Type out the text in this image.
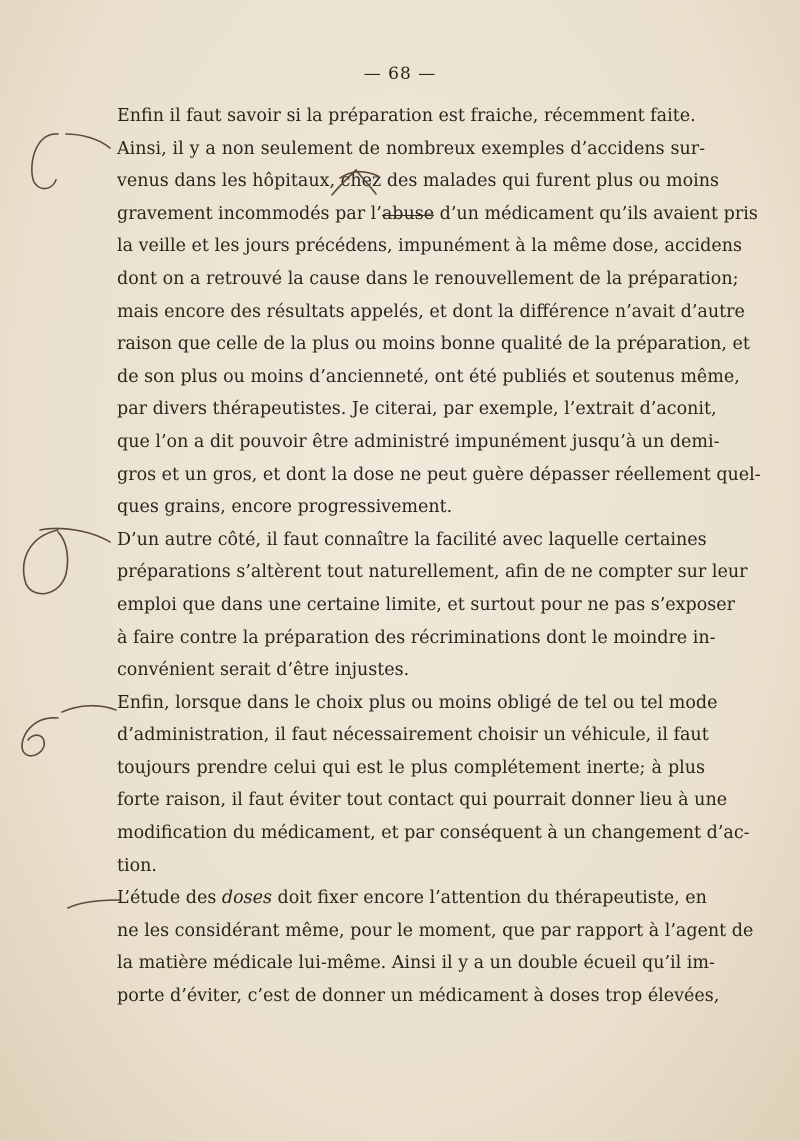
— 68 —
Enfin il faut savoir si la préparation est fraiche, récemment faite.
Ainsi, il y a non seulement de nombreux exemples d’accidens sur-
venus dans les hôpitaux, chez des malades qui furent plus ou moins
gravement incommodés par l’abuse d’un médicament qu’ils avaient pris
la veille et les jours précédens, impunément à la même dose, accidens
dont on a retrouvé la cause dans le renouvellement de la préparation;
mais encore des résultats appelés, et dont la différence n’avait d’autre
raison que celle de la plus ou moins bonne qualité de la préparation, et
de son plus ou moins d’ancienneté, ont été publiés et soutenus même,
par divers thérapeutistes. Je citerai, par exemple, l’extrait d’aconit,
que l’on a dit pouvoir être administré impunément jusqu’à un demi-
gros et un gros, et dont la dose ne peut guère dépasser réellement quel-
ques grains, encore progressivement.
D’un autre côté, il faut connaître la facilité avec laquelle certaines
préparations s’altèrent tout naturellement, afin de ne compter sur leur
emploi que dans une certaine limite, et surtout pour ne pas s’exposer
à faire contre la préparation des récriminations dont le moindre in-
convénient serait d’être injustes.
Enfin, lorsque dans le choix plus ou moins obligé de tel ou tel mode
d’administration, il faut nécessairement choisir un véhicule, il faut
toujours prendre celui qui est le plus complétement inerte; à plus
forte raison, il faut éviter tout contact qui pourrait donner lieu à une
modification du médicament, et par conséquent à un changement d’ac-
tion.
L’étude des doses doit fixer encore l’attention du thérapeutiste, en
ne les considérant même, pour le moment, que par rapport à l’agent de
la matière médicale lui-même. Ainsi il y a un double écueil qu’il im-
porte d’éviter, c’est de donner un médicament à doses trop élevées,
